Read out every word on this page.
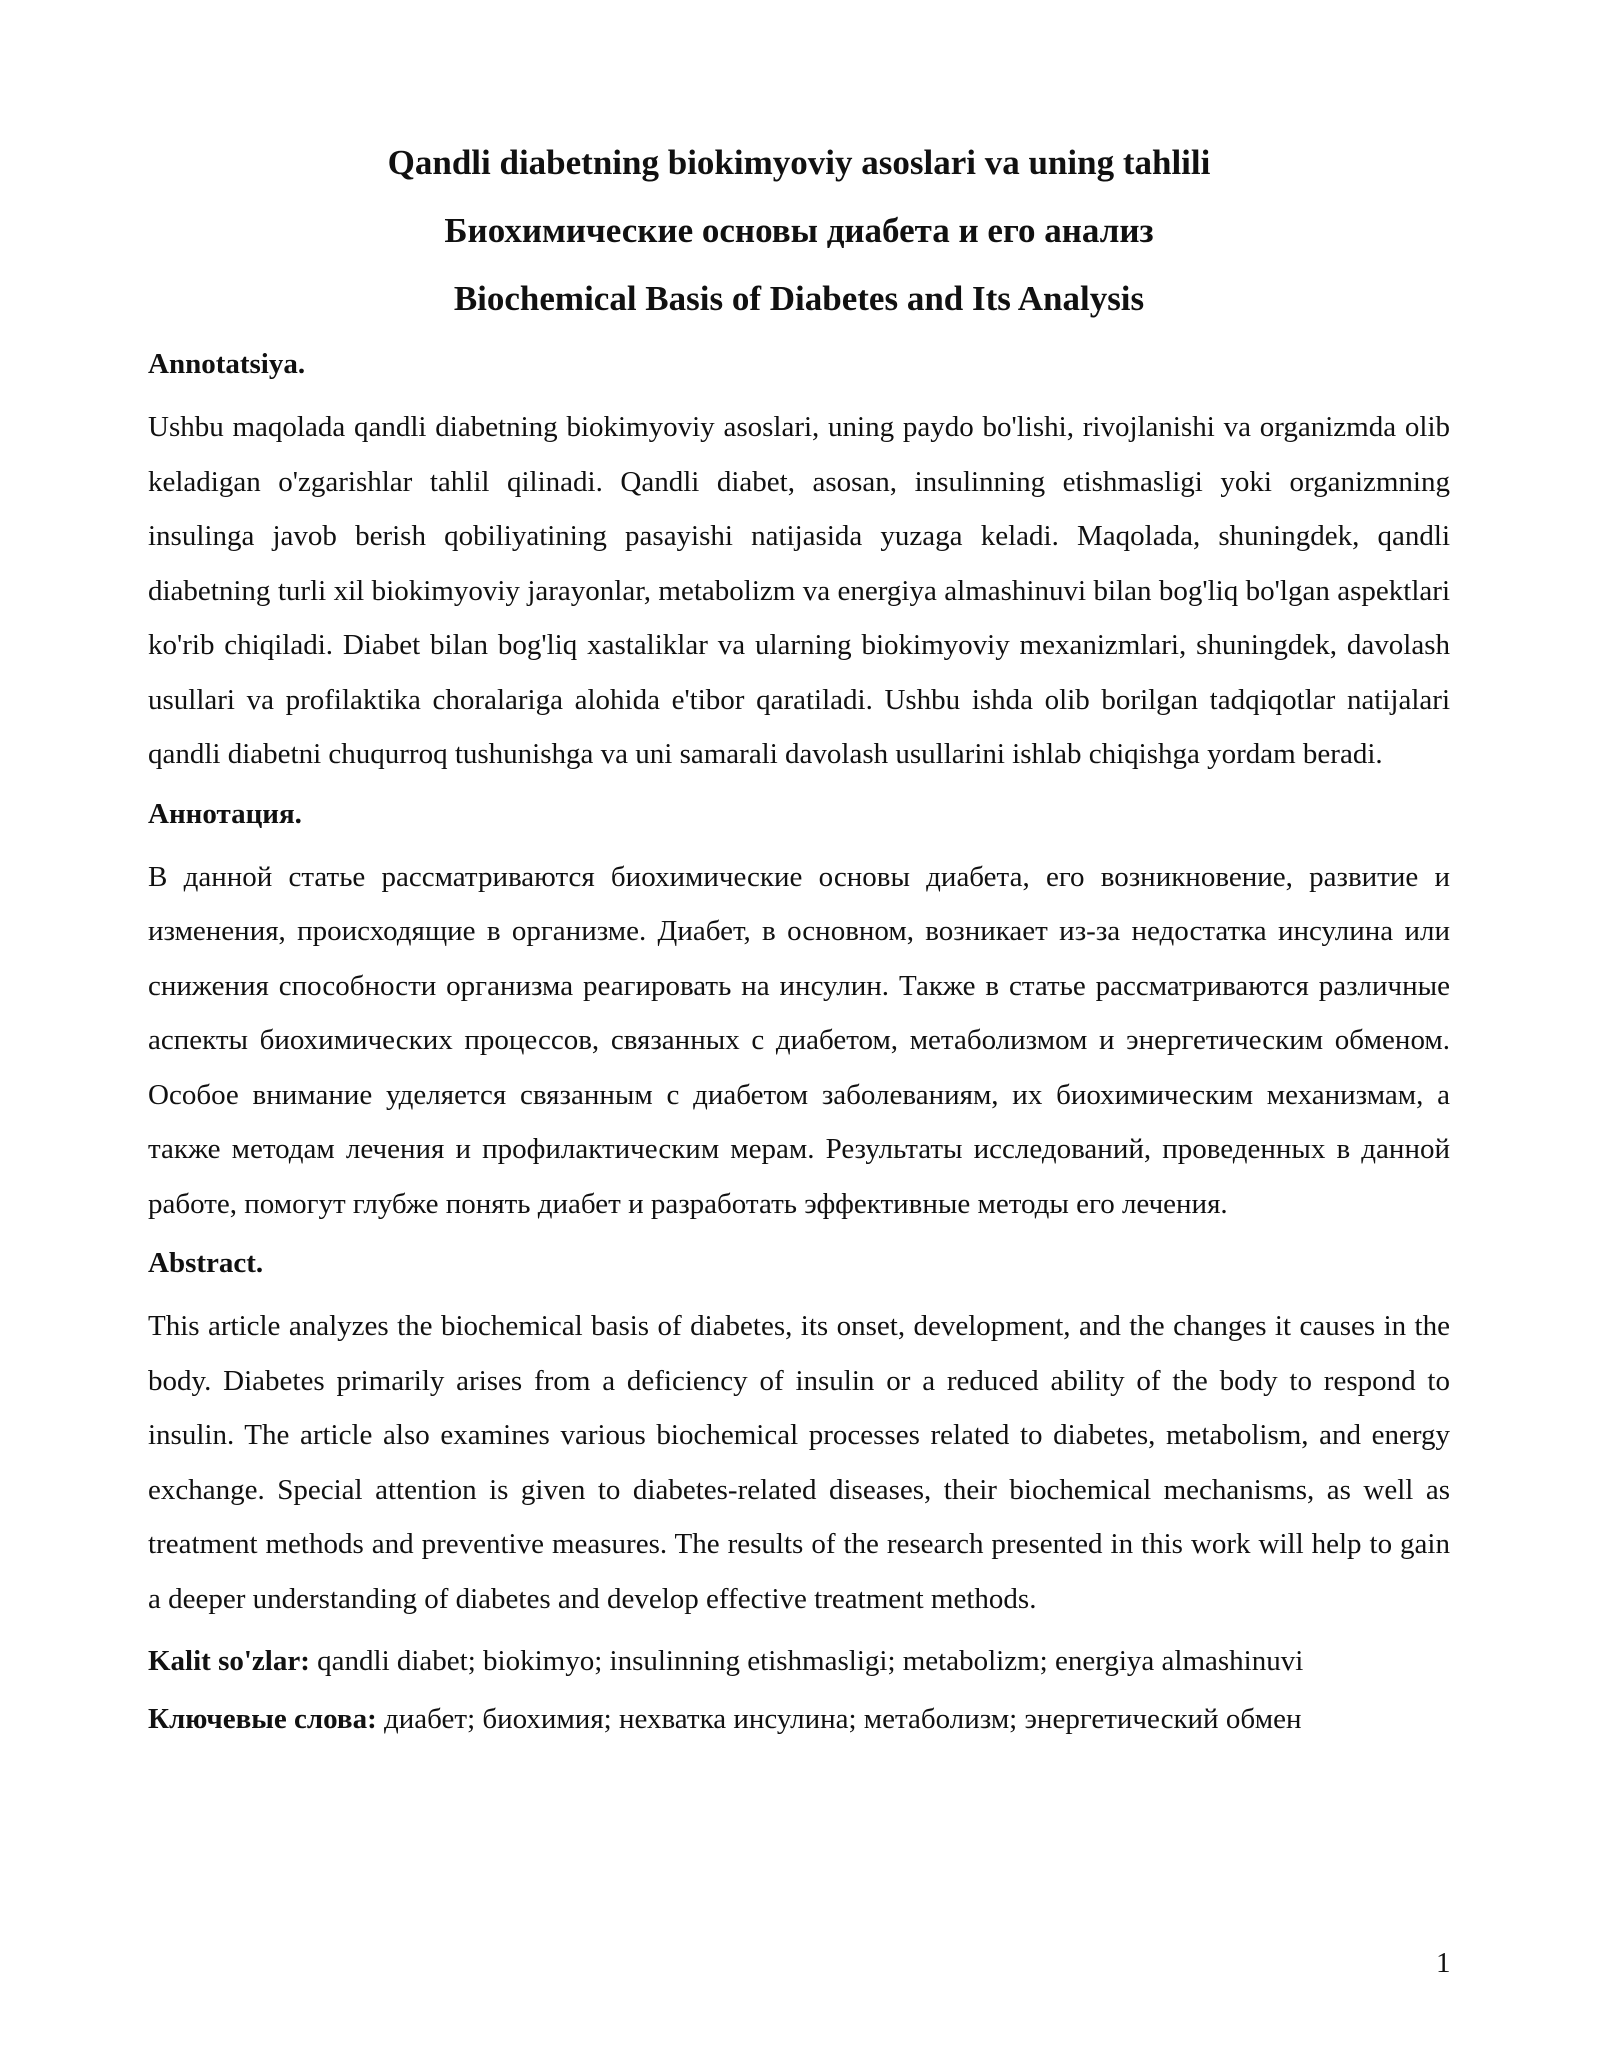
Qandli diabetning biokimyoviy asoslari va uning tahlili
Биохимические основы диабета и его анализ
Biochemical Basis of Diabetes and Its Analysis
Annotatsiya.

Ushbu maqolada qandli diabetning biokimyoviy asoslari, uning paydo bo'lishi, rivojlanishi va organizmda olib keladigan o'zgarishlar tahlil qilinadi. Qandli diabet, asosan, insulinning etishmasligi yoki organizmning insulinga javob berish qobiliyatining pasayishi natijasida yuzaga keladi. Maqolada, shuningdek, qandli diabetning turli xil biokimyoviy jarayonlar, metabolizm va energiya almashinuvi bilan bog'liq bo'lgan aspektlari ko'rib chiqiladi. Diabet bilan bog'liq xastaliklar va ularning biokimyoviy mexanizmlari, shuningdek, davolash usullari va profilaktika choralariga alohida e'tibor qaratiladi. Ushbu ishda olib borilgan tadqiqotlar natijalari qandli diabetni chuqurroq tushunishga va uni samarali davolash usullarini ishlab chiqishga yordam beradi.

Аннотация.

В данной статье рассматриваются биохимические основы диабета, его возникновение, развитие и изменения, происходящие в организме. Диабет, в основном, возникает из-за недостатка инсулина или снижения способности организма реагировать на инсулин. Также в статье рассматриваются различные аспекты биохимических процессов, связанных с диабетом, метаболизмом и энергетическим обменом. Особое внимание уделяется связанным с диабетом заболеваниям, их биохимическим механизмам, а также методам лечения и профилактическим мерам. Результаты исследований, проведенных в данной работе, помогут глубже понять диабет и разработать эффективные методы его лечения.

Abstract.

This article analyzes the biochemical basis of diabetes, its onset, development, and the changes it causes in the body. Diabetes primarily arises from a deficiency of insulin or a reduced ability of the body to respond to insulin. The article also examines various biochemical processes related to diabetes, metabolism, and energy exchange. Special attention is given to diabetes-related diseases, their biochemical mechanisms, as well as treatment methods and preventive measures. The results of the research presented in this work will help to gain a deeper understanding of diabetes and develop effective treatment methods.

Kalit so'zlar: qandli diabet; biokimyo; insulinning etishmasligi; metabolizm; energiya almashinuvi

Ключевые слова: диабет; биохимия; нехватка инсулина; метаболизм; энергетический обмен

1
